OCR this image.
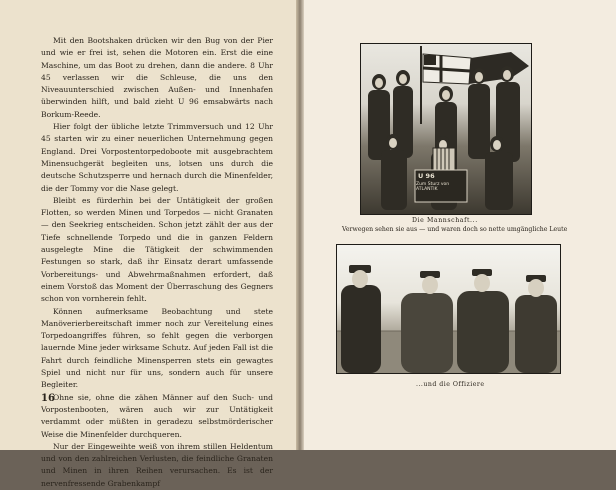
Mit den Bootshaken drücken wir den Bug von der Pier und wie er frei ist, sehen die Motoren ein. Erst die eine Maschine, um das Boot zu drehen, dann die andere. 8 Uhr 45 verlassen wir die Schleuse, die uns den Niveauunterschied zwischen Außen- und Innenhafen überwinden hilft, und bald zieht U 96 emsabwärts nach Borkum-Reede.

Hier folgt der übliche letzte Trimmversuch und 12 Uhr 45 starten wir zu einer neuerlichen Unternehmung gegen England. Drei Vorpostentorpedoboote mit ausgebrachtem Minensuchgerät begleiten uns, lotsen uns durch die deutsche Schutzsperre und hernach durch die Minenfelder, die der Tommy vor die Nase gelegt.

Bleibt es fürderhin bei der Untätigkeit der großen Flotten, so werden Minen und Torpedos — nicht Granaten — den Seekrieg entscheiden. Schon jetzt zählt der aus der Tiefe schnellende Torpedo und die in ganzen Feldern ausgelegte Mine die Tätigkeit der schwimmenden Festungen so stark, daß ihr Einsatz derart umfassende Vorbereitungs- und Abwehrmaßnahmen erfordert, daß einem Vorstoß das Moment der Überraschung des Gegners schon von vornherein fehlt.

Können aufmerksame Beobachtung und stete Manöverierbereitschaft immer noch zur Vereitelung eines Torpedoangriffes führen, so fehlt gegen die verborgen lauernde Mine jeder wirksame Schutz. Auf jeden Fall ist die Fahrt durch feindliche Minensperren stets ein gewagtes Spiel und nicht nur für uns, sondern auch für unsere Begleiter.

Ohne sie, ohne die zähen Männer auf den Such- und Vorpostenbooten, wären auch wir zur Untätigkeit verdammt oder müßten in geradezu selbstmörderischer Weise die Minenfelder durchqueren.

Nur der Eingeweihte weiß von ihrem stillen Heldentum und von den zahlreichen Verlusten, die feindliche Granaten und Minen in ihren Reihen verursachen. Es ist der nervenfressende Grabenkampf

16
U 96
Zum Sturz von ATLANTIK
Die Mannschaft...
Verwegen sehen sie aus — und waren doch so nette umgängliche Leute
...und die Offiziere
